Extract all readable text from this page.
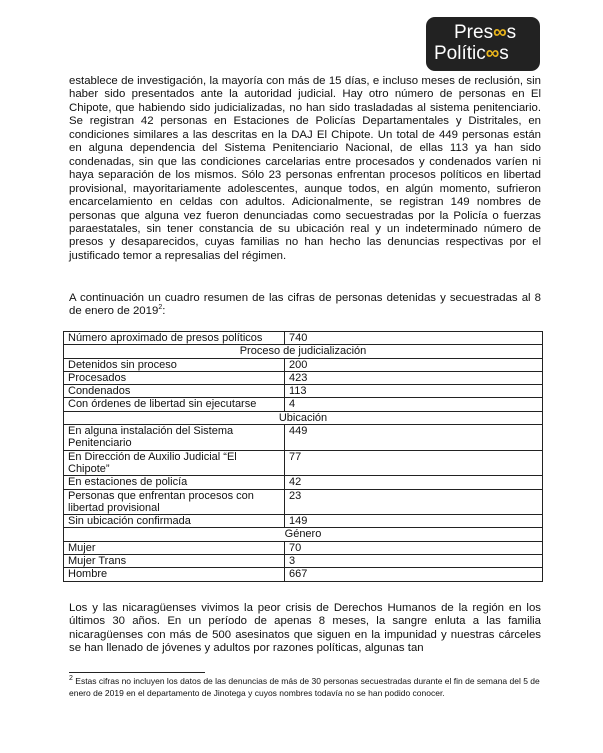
Pres∞s
Polític∞s

establece de investigación, la mayoría con más de 15 días, e incluso meses de reclusión, sin haber sido presentados ante la autoridad judicial. Hay otro número de personas en El Chipote, que habiendo sido judicializadas, no han sido trasladadas al sistema penitenciario. Se registran 42 personas en Estaciones de Policías Departamentales y Distritales, en condiciones similares a las descritas en la DAJ El Chipote. Un total de 449 personas están en alguna dependencia del Sistema Penitenciario Nacional, de ellas 113 ya han sido condenadas, sin que las condiciones carcelarias entre procesados y condenados varíen ni haya separación de los mismos. Sólo 23 personas enfrentan procesos políticos en libertad provisional, mayoritariamente adolescentes, aunque todos, en algún momento, sufrieron encarcelamiento en celdas con adultos. Adicionalmente, se registran 149 nombres de personas que alguna vez fueron denunciadas como secuestradas por la Policía o fuerzas paraestatales, sin tener constancia de su ubicación real y un indeterminado número de presos y desaparecidos, cuyas familias no han hecho las denuncias respectivas por el justificado temor a represalias del régimen.

A continuación un cuadro resumen de las cifras de personas detenidas y secuestradas al 8 de enero de 2019$^2$:

Número aproximado de presos políticos	740
Proceso de judicialización	
Detenidos sin proceso	200
Procesados	423
Condenados	113
Con órdenes de libertad sin ejecutarse	4
Ubicación	
En alguna instalación del Sistema Penitenciario	449
En Dirección de Auxilio Judicial “El Chipote”	77
En estaciones de policía	42
Personas que enfrentan procesos con libertad provisional	23
Sin ubicación confirmada	149
Género	
Mujer	70
Mujer Trans	3
Hombre	667

Los y las nicaragüenses vivimos la peor crisis de Derechos Humanos de la región en los últimos 30 años. En un período de apenas 8 meses, la sangre enluta a las familia nicaragüenses con más de 500 asesinatos que siguen en la impunidad y nuestras cárceles se han llenado de jóvenes y adultos por razones políticas, algunas tan

$^2$ Estas cifras no incluyen los datos de las denuncias de más de 30 personas secuestradas durante el fin de semana del 5 de enero de 2019 en el departamento de Jinotega y cuyos nombres todavía no se han podido conocer.
